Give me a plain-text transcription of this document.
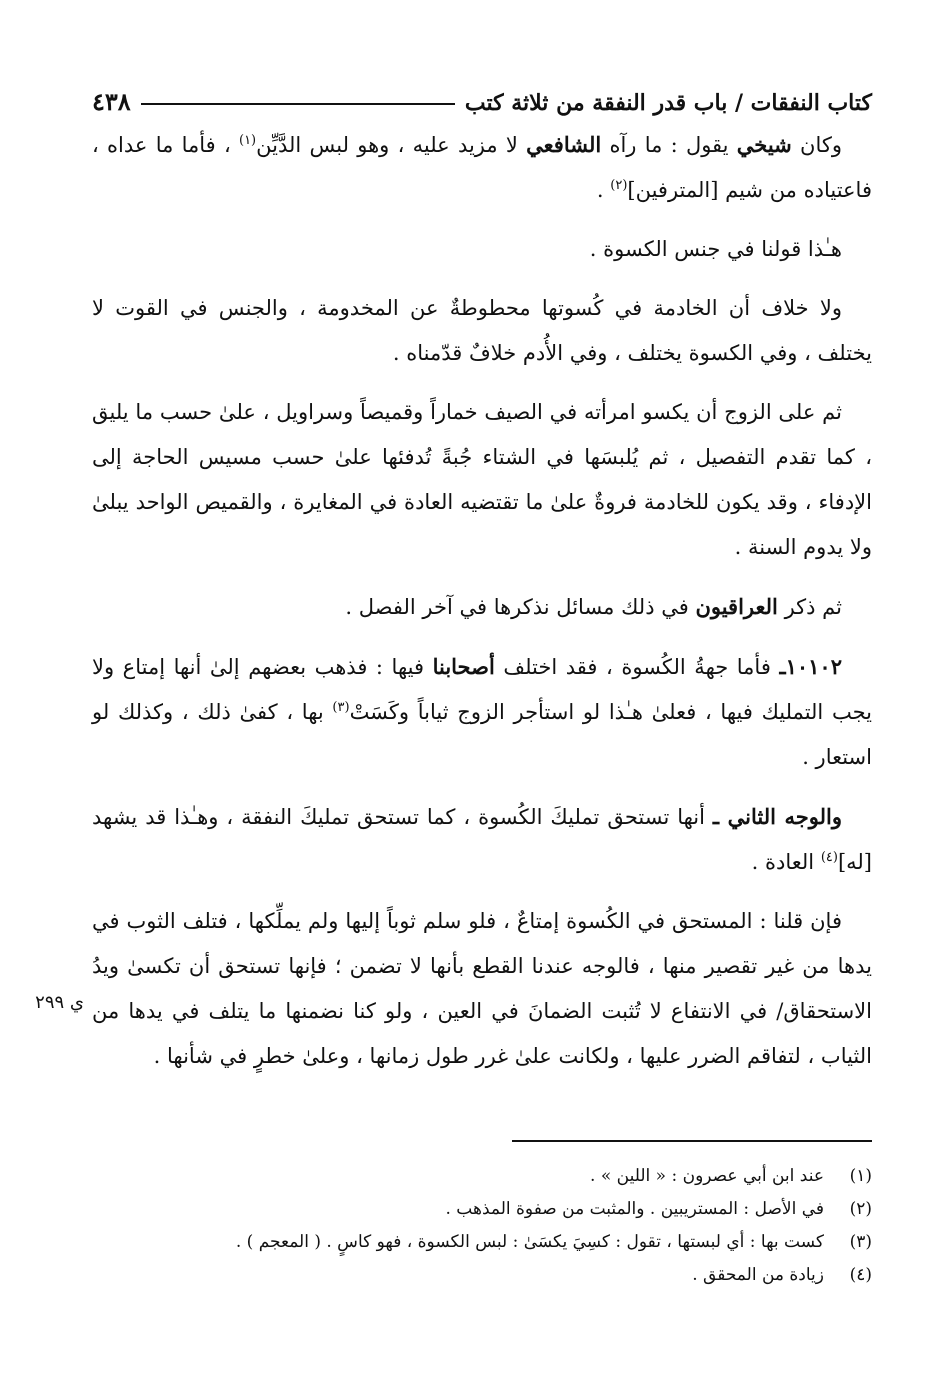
كتاب النفقات / باب قدر النفقة من ثلاثة كتب
٤٣٨

وكان شيخي يقول : ما رآه الشافعي لا مزيد عليه ، وهو لبس الدَّيِّن$^{(١)}$ ، فأما ما عداه ، فاعتياده من شيم [المترفين]$^{(٢)}$ .

هـٰذا قولنا في جنس الكسوة .

ولا خلاف أن الخادمة في كُسوتها محطوطةٌ عن المخدومة ، والجنس في القوت لا يختلف ، وفي الكسوة يختلف ، وفي الأُدم خلافٌ قدّمناه .

ثم على الزوج أن يكسو امرأته في الصيف خماراً وقميصاً وسراويل ، علىٰ حسب ما يليق ، كما تقدم التفصيل ، ثم يُلبسَها في الشتاء جُبةً تُدفئها علىٰ حسب مسيس الحاجة إلى الإدفاء ، وقد يكون للخادمة فروةٌ علىٰ ما تقتضيه العادة في المغايرة ، والقميص الواحد يبلىٰ ولا يدوم السنة .

ثم ذكر العراقيون في ذلك مسائل نذكرها في آخر الفصل .

١٠١٠٢ـ فأما جهةُ الكُسوة ، فقد اختلف أصحابنا فيها : فذهب بعضهم إلىٰ أنها إمتاع ولا يجب التمليك فيها ، فعلىٰ هـٰذا لو استأجر الزوج ثياباً وكَسَتْ$^{(٣)}$ بها ، كفىٰ ذلك ، وكذلك لو استعار .

والوجه الثاني ـ أنها تستحق تمليكَ الكُسوة ، كما تستحق تمليكَ النفقة ، وهـٰذا قد يشهد [له]$^{(٤)}$ العادة .

فإن قلنا : المستحق في الكُسوة إمتاعٌ ، فلو سلم ثوباً إليها ولم يملِّكها ، فتلف الثوب في يدها من غير تقصير منها ، فالوجه عندنا القطع بأنها لا تضمن ؛ فإنها تستحق أن تكسىٰ ويدُ الاستحقاق/ في الانتفاع لا تُثبت الضمانَ في العين ، ولو كنا نضمنها ما يتلف في يدها من الثياب ، لتفاقم الضرر عليها ، ولكانت علىٰ غرر طول زمانها ، وعلىٰ خطرٍ في شأنها .

ي ٢٩٩
(١)
عند ابن أبي عصرون : « اللين » .
(٢)
في الأصل : المستريبين . والمثبت من صفوة المذهب .
(٣)
كست بها : أي لبستها ، تقول : كسِيَ يكسَىٰ : لبس الكسوة ، فهو كاسٍ . ( المعجم ) .
(٤)
زيادة من المحقق .
